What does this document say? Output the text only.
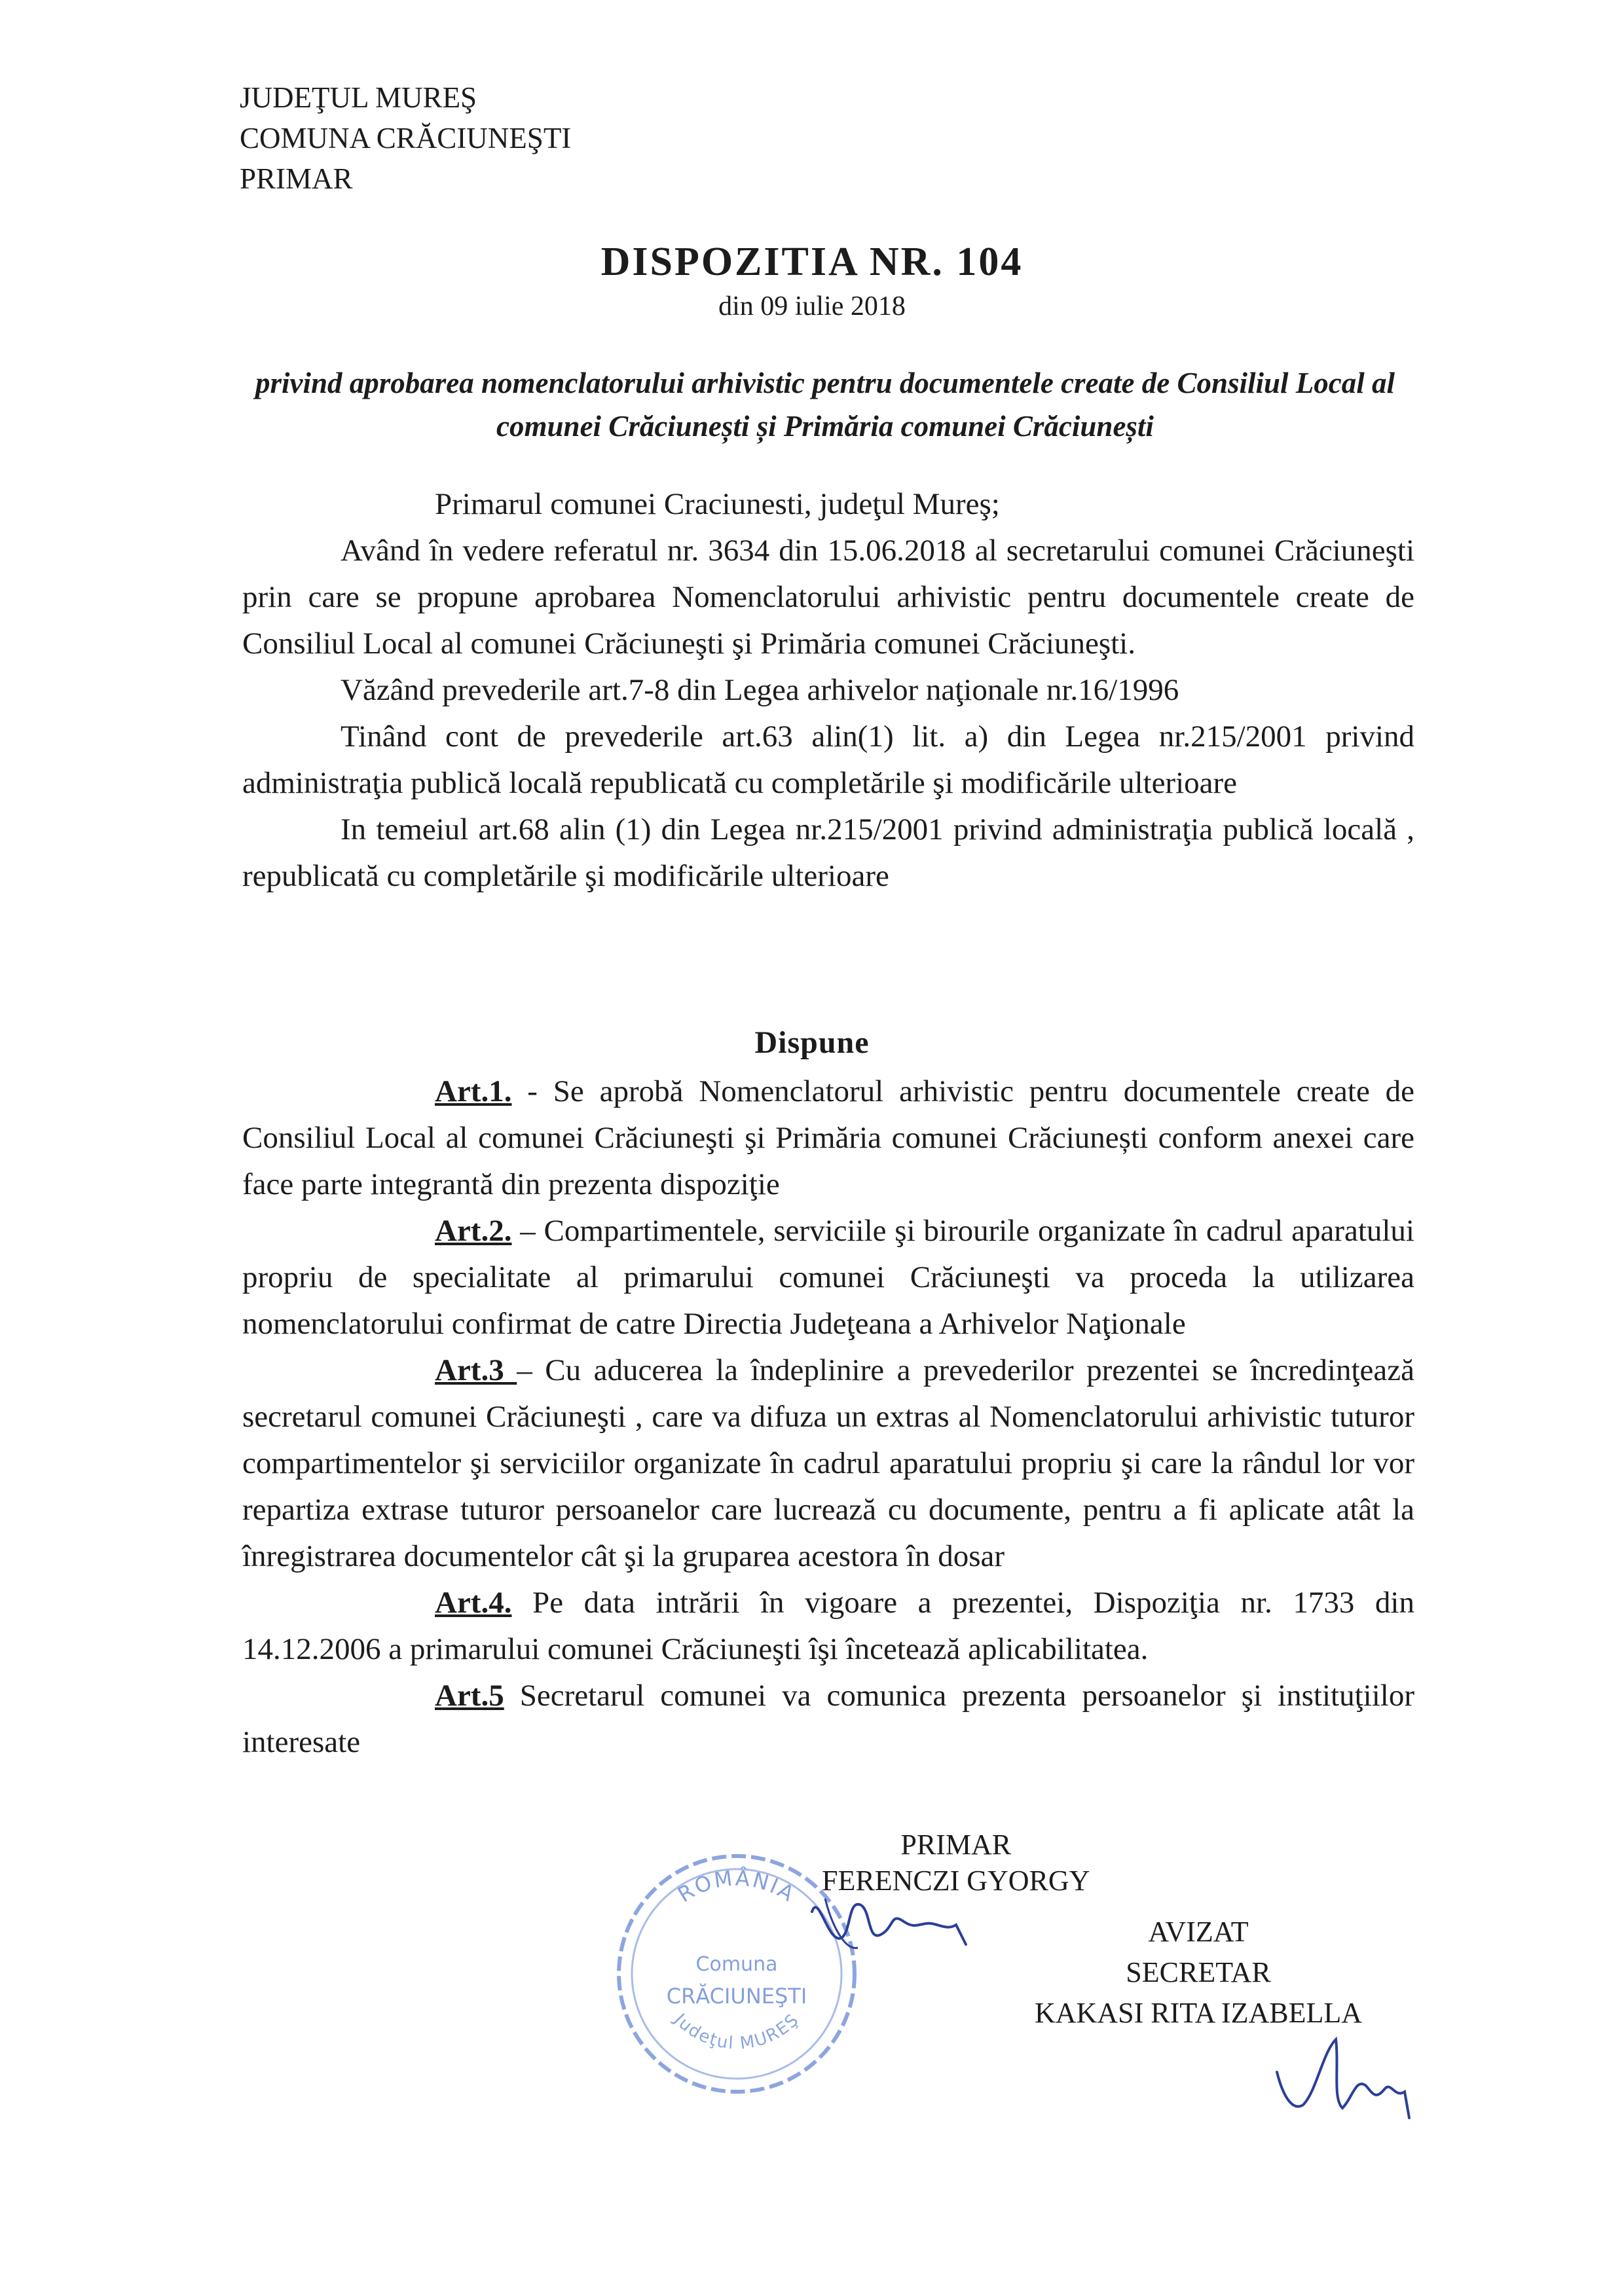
JUDEŢUL MUREŞ
COMUNA CRĂCIUNEŞTI
PRIMAR
DISPOZITIA NR. 104
din 09 iulie 2018
privind aprobarea nomenclatorului arhivistic pentru documentele create de Consiliul Local al
comunei Crăciunești și Primăria comunei Crăciunești

Primarul comunei Craciunesti, judeţul Mureş;

Având în vedere referatul nr. 3634 din 15.06.2018 al secretarului comunei Crăciuneşti prin care se propune aprobarea Nomenclatorului arhivistic pentru documentele create de Consiliul Local al comunei Crăciuneşti şi Primăria comunei Crăciuneşti.

Văzând prevederile art.7-8 din Legea arhivelor naţionale nr.16/1996

Tinând cont de prevederile art.63 alin(1) lit. a) din Legea nr.215/2001 privind administraţia publică locală republicată cu completările şi modificările ulterioare

In temeiul art.68 alin (1) din Legea nr.215/2001 privind administraţia publică locală , republicată cu completările şi modificările ulterioare

Dispune

Art.1. - Se aprobă Nomenclatorul arhivistic pentru documentele create de Consiliul Local al comunei Crăciuneşti şi Primăria comunei Crăciunești conform anexei care face parte integrantă din prezenta dispoziţie

Art.2. – Compartimentele, serviciile şi birourile organizate în cadrul aparatului propriu de specialitate al primarului comunei Crăciuneşti va proceda la utilizarea nomenclatorului confirmat de catre Directia Judeţeana a Arhivelor Naţionale

Art.3 – Cu aducerea la îndeplinire a prevederilor prezentei se încredinţează secretarul comunei Crăciuneşti , care va difuza un extras al Nomenclatorului arhivistic tuturor compartimentelor şi serviciilor organizate în cadrul aparatului propriu şi care la rândul lor vor repartiza extrase tuturor persoanelor care lucrează cu documente, pentru a fi aplicate atât la înregistrarea documentelor cât şi la gruparea acestora în dosar

Art.4. Pe data intrării în vigoare a prezentei, Dispoziţia nr. 1733 din 14.12.2006 a primarului comunei Crăciuneşti îşi încetează aplicabilitatea.

Art.5 Secretarul comunei va comunica prezenta persoanelor şi instituţiilor interesate

ROMÂNIA
Comuna
CRĂCIUNEŞTI
Judeţul MUREŞ
PRIMAR
FERENCZI GYORGY
AVIZAT
SECRETAR
KAKASI RITA IZABELLA
